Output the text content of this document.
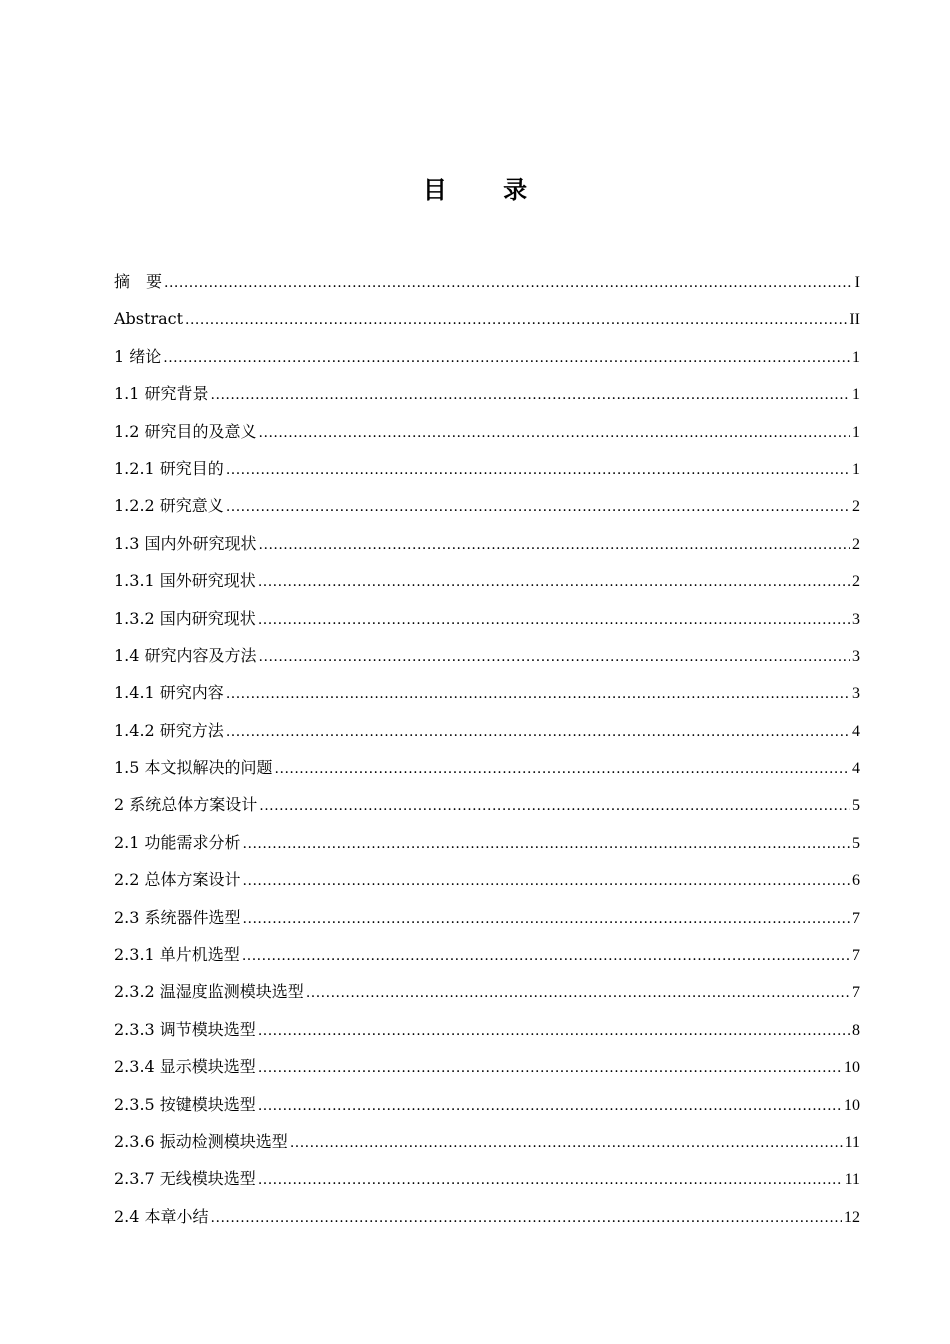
目 录
摘　要 .....	I
Abstract .....	II
1 绪论 .....	1
1.1 研究背景 .....	1
1.2 研究目的及意义 .....	1
1.2.1 研究目的 .....	1
1.2.2 研究意义 .....	2
1.3 国内外研究现状 .....	2
1.3.1 国外研究现状 .....	2
1.3.2 国内研究现状 .....	3
1.4 研究内容及方法 .....	3
1.4.1 研究内容 .....	3
1.4.2 研究方法 .....	4
1.5 本文拟解决的问题 .....	4
2 系统总体方案设计 .....	5
2.1 功能需求分析 .....	5
2.2 总体方案设计 .....	6
2.3 系统器件选型 .....	7
2.3.1 单片机选型 .....	7
2.3.2 温湿度监测模块选型 .....	7
2.3.3 调节模块选型 .....	8
2.3.4 显示模块选型 .....	10
2.3.5 按键模块选型 .....	10
2.3.6 振动检测模块选型 .....	11
2.3.7 无线模块选型 .....	11
2.4 本章小结 .....	12
